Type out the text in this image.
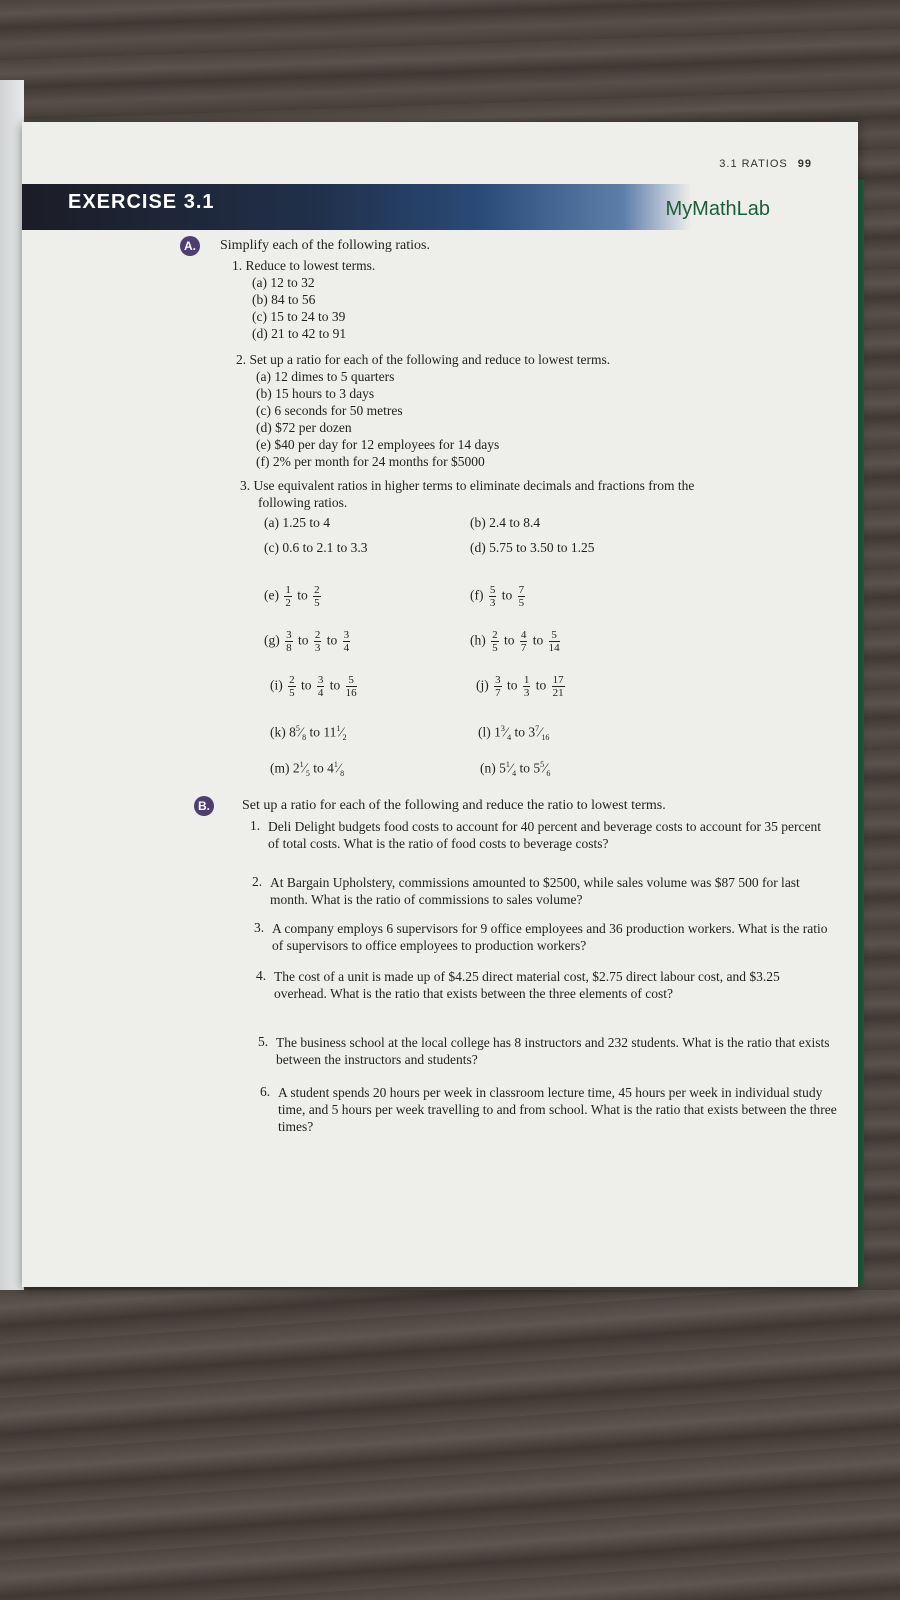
3.1 RATIOS 99
EXERCISE 3.1	MyMathLab
A. Simplify each of the following ratios.
1. Reduce to lowest terms.
(a) 12 to 32
(b) 84 to 56
(c) 15 to 24 to 39
(d) 21 to 42 to 91
2. Set up a ratio for each of the following and reduce to lowest terms.
(a) 12 dimes to 5 quarters
(b) 15 hours to 3 days
(c) 6 seconds for 50 metres
(d) $72 per dozen
(e) $40 per day for 12 employees for 14 days
(f) 2% per month for 24 months for $5000
3. Use equivalent ratios in higher terms to eliminate decimals and fractions from the
following ratios.
(a) 1.25 to 4	(b) 2.4 to 8.4
(c) 0.6 to 2.1 to 3.3	(d) 5.75 to 3.50 to 1.25
$(e) \frac{1}{2}$ to $\frac{2}{5}$	$(f) \frac{5}{3}$ to $\frac{7}{5}$
$(g) \frac{3}{8}$ to $\frac{2}{3}$ to $\frac{3}{4}$	$(h) \frac{2}{5}$ to $\frac{4}{7}$ to $\frac{5}{14}$
$(i) \frac{2}{5}$ to $\frac{3}{4}$ to $\frac{5}{16}$	$(j) \frac{3}{7}$ to $\frac{1}{3}$ to $\frac{17}{21}$
(k) $8^5⁄_8$ to $11^1⁄_2$	(l) $1^3⁄_4$ to $3^7⁄_{16}$
(m) $2^1⁄_5$ to $4^1⁄_8$	(n) $5^1⁄_4$ to $5^5⁄_6$
B. Set up a ratio for each of the following and reduce the ratio to lowest terms.
1. Deli Delight budgets food costs to account for 40 percent and beverage costs to account for 35 percent of total costs. What is the ratio of food costs to beverage costs?
2. At Bargain Upholstery, commissions amounted to $2500, while sales volume was $87 500 for last month. What is the ratio of commissions to sales volume?
3. A company employs 6 supervisors for 9 office employees and 36 production workers. What is the ratio of supervisors to office employees to production workers?
4. The cost of a unit is made up of $4.25 direct material cost, $2.75 direct labour cost, and $3.25 overhead. What is the ratio that exists between the three elements of cost?
5. The business school at the local college has 8 instructors and 232 students. What is the ratio that exists between the instructors and students?
6. A student spends 20 hours per week in classroom lecture time, 45 hours per week in individual study time, and 5 hours per week travelling to and from school. What is the ratio that exists between the three times?
